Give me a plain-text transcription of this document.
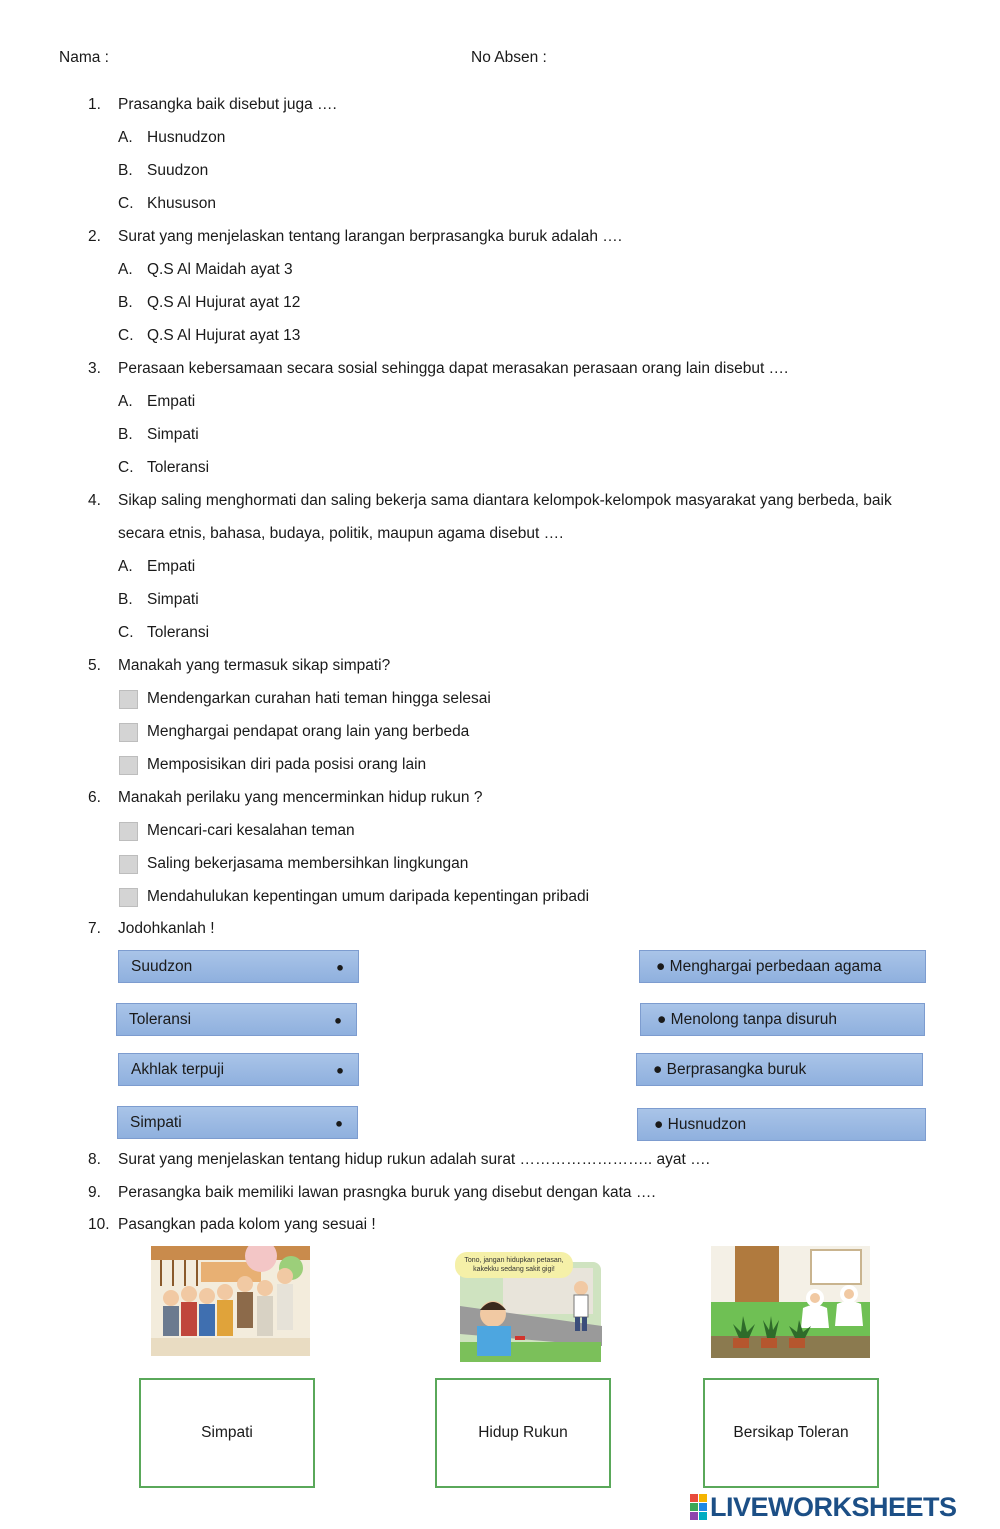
Nama :	No Absen :
1.	Prasangka baik disebut juga ….
A. Husnudzon
B. Suudzon
C. Khususon
2.	Surat yang menjelaskan tentang larangan berprasangka buruk adalah ….
A. Q.S Al Maidah ayat 3
B. Q.S Al Hujurat ayat 12
C. Q.S Al Hujurat ayat 13
3.	Perasaan kebersamaan secara sosial sehingga dapat merasakan perasaan orang lain disebut ….
A. Empati
B. Simpati
C. Toleransi
4.	Sikap saling menghormati dan saling bekerja sama diantara kelompok-kelompok masyarakat yang berbeda, baik
secara etnis, bahasa, budaya, politik, maupun agama disebut ….
A. Empati
B. Simpati
C. Toleransi
5.	Manakah yang termasuk sikap simpati?
Mendengarkan curahan hati teman hingga selesai
Menghargai pendapat orang lain yang berbeda
Memposisikan diri pada posisi orang lain
6.	Manakah perilaku yang mencerminkan hidup rukun ?
Mencari-cari kesalahan teman
Saling bekerjasama membersihkan lingkungan
Mendahulukan kepentingan umum daripada kepentingan pribadi
7.	Jodohkanlah !
Suudzon	●
Toleransi	●
Akhlak terpuji	●
Simpati	●
● Menghargai perbedaan agama
● Menolong tanpa disuruh
● Berprasangka buruk
● Husnudzon
8.	Surat yang menjelaskan tentang hidup rukun adalah surat …………………….. ayat ….
9.	Perasangka baik memiliki lawan prasngka buruk yang disebut dengan kata ….
10. Pasangkan pada kolom yang sesuai !
Tono, jangan hidupkan petasan, kakekku sedang sakit gigi!
Simpati	Hidup Rukun	Bersikap Toleran
LIVEWORKSHEETS
